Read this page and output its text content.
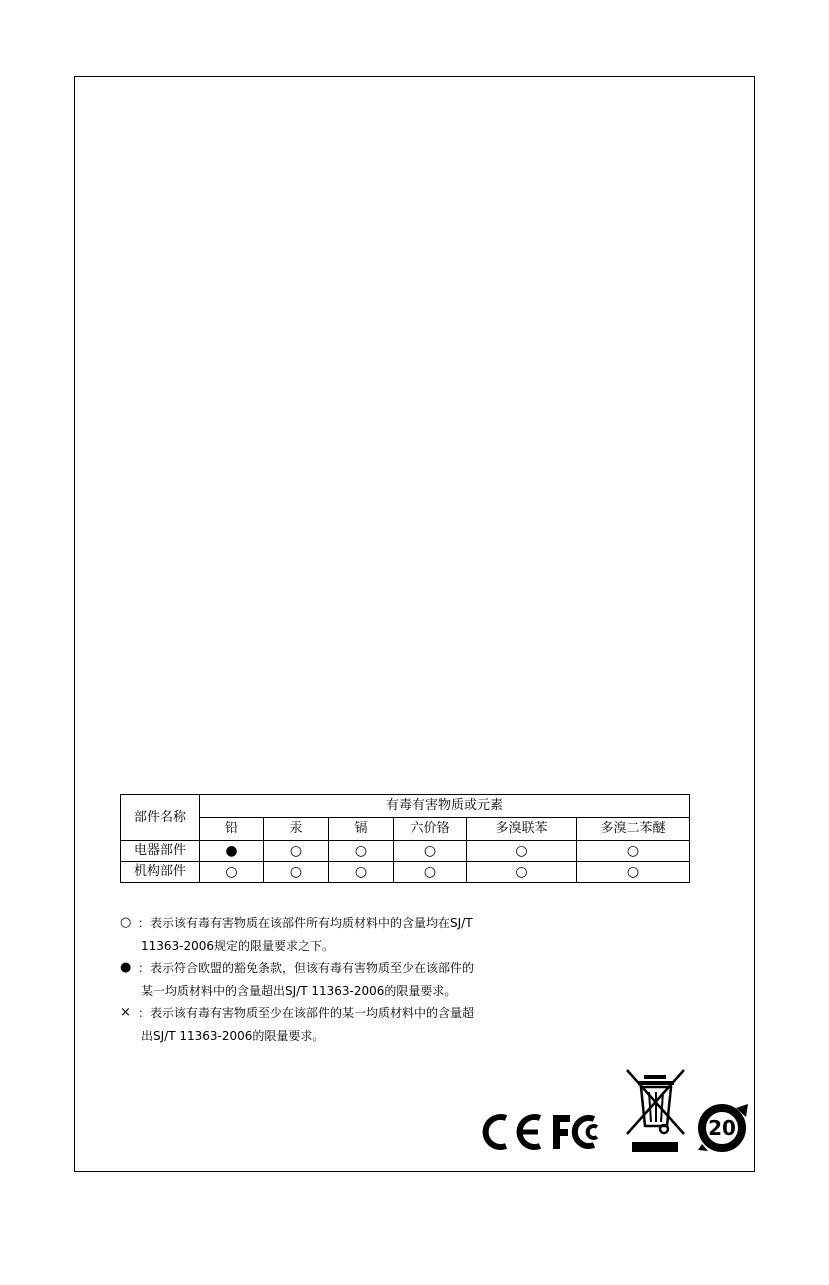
部件名称	有毒有害物质或元素					
	铅	汞	镉	六价铬	多溴联苯	多溴二苯醚
电器部件	●	○	○	○	○	○
机构部件	○	○	○	○	○	○
○ ：表示该有毒有害物质在该部件所有均质材料中的含量均在SJ/T
11363-2006规定的限量要求之下。
● ：表示符合欧盟的豁免条款，但该有毒有害物质至少在该部件的
某一均质材料中的含量超出SJ/T 11363-2006的限量要求。
× ：表示该有毒有害物质至少在该部件的某一均质材料中的含量超
出SJ/T 11363-2006的限量要求。
20
